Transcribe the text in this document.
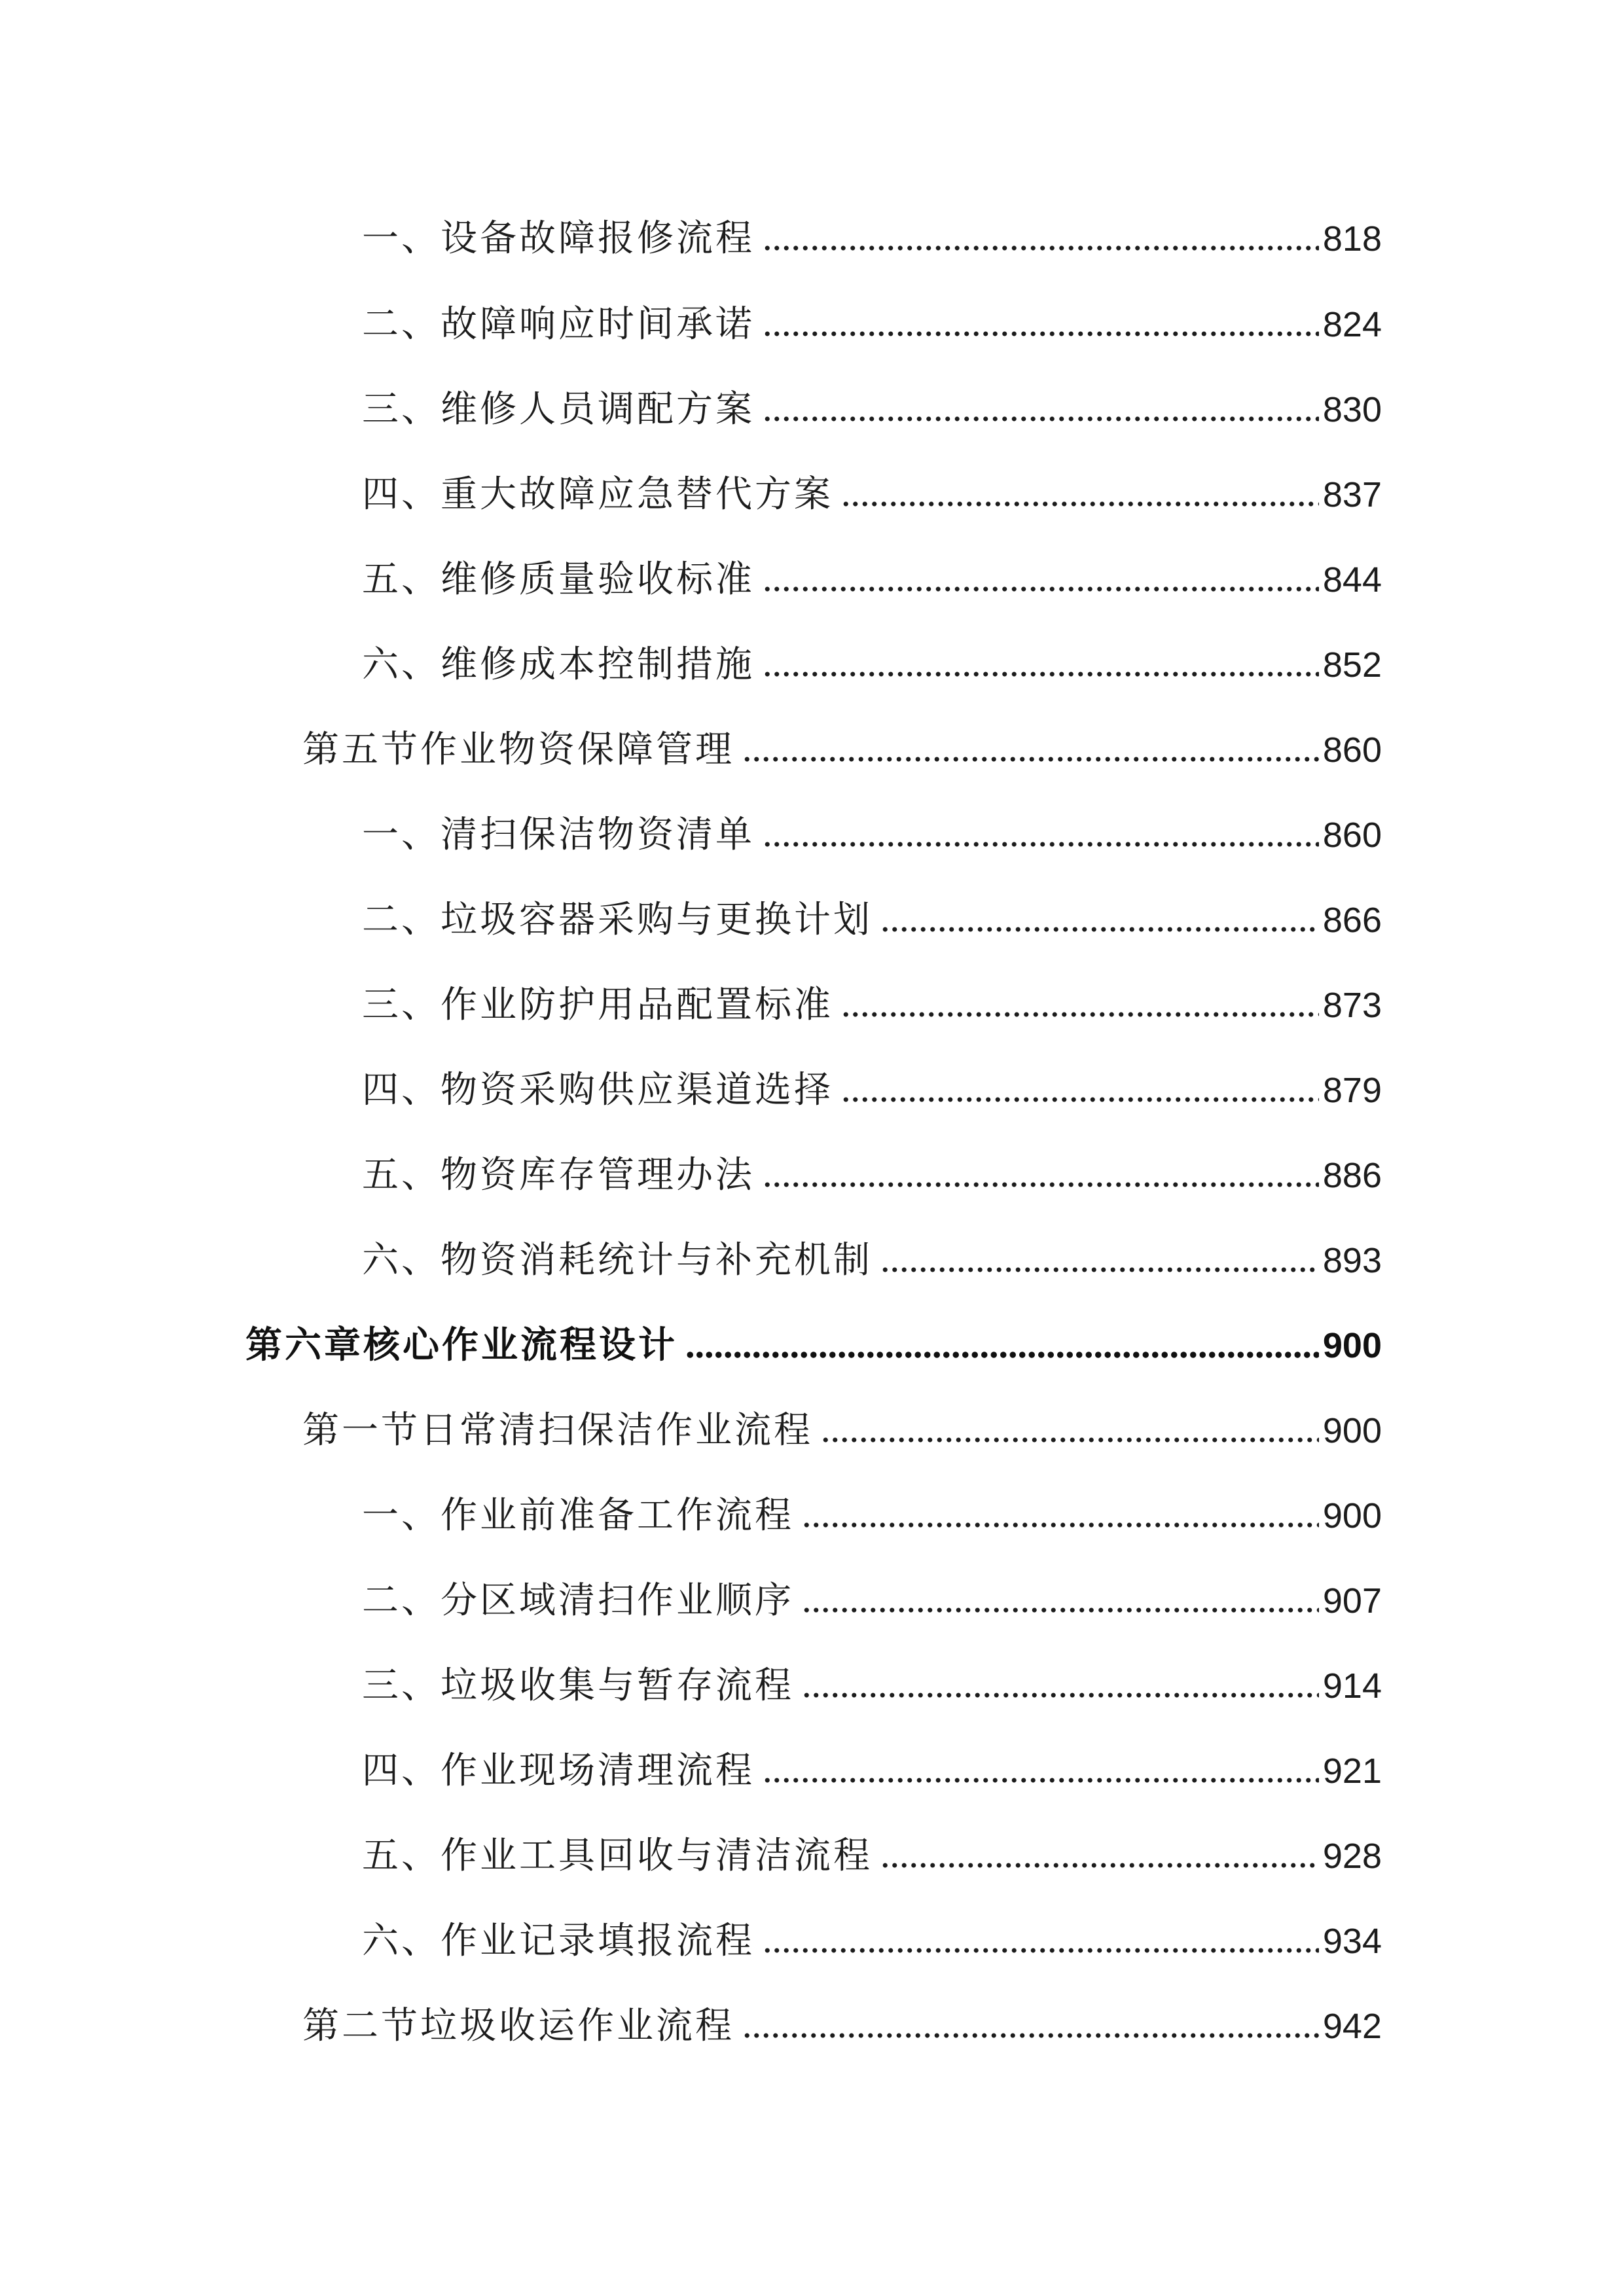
一、设备故障报修流程	818
二、故障响应时间承诺	824
三、维修人员调配方案	830
四、重大故障应急替代方案	837
五、维修质量验收标准	844
六、维修成本控制措施	852
第五节作业物资保障管理	860
一、清扫保洁物资清单	860
二、垃圾容器采购与更换计划	866
三、作业防护用品配置标准	873
四、物资采购供应渠道选择	879
五、物资库存管理办法	886
六、物资消耗统计与补充机制	893
第六章核心作业流程设计	900
第一节日常清扫保洁作业流程	900
一、作业前准备工作流程	900
二、分区域清扫作业顺序	907
三、垃圾收集与暂存流程	914
四、作业现场清理流程	921
五、作业工具回收与清洁流程	928
六、作业记录填报流程	934
第二节垃圾收运作业流程	942
